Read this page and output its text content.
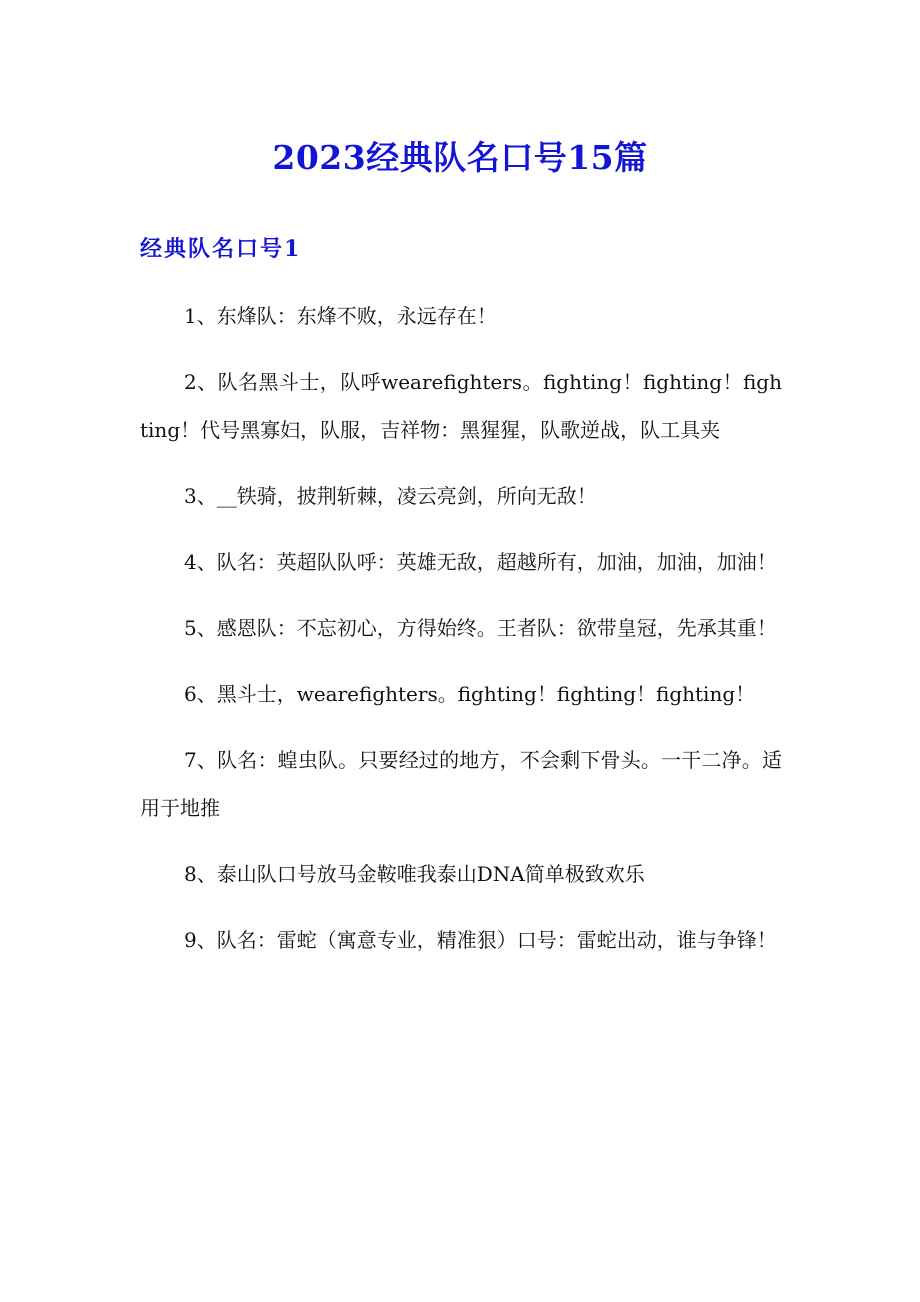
2023经典队名口号15篇
经典队名口号1

1、东烽队：东烽不败，永远存在！

2、队名黑斗士，队呼wearefighters。fighting！fighting！fighting！代号黑寡妇，队服，吉祥物：黑猩猩，队歌逆战，队工具夹

3、__铁骑，披荆斩棘，凌云亮剑，所向无敌！

4、队名：英超队队呼：英雄无敌，超越所有，加油，加油，加油！

5、感恩队：不忘初心，方得始终。王者队：欲带皇冠，先承其重！

6、黑斗士，wearefighters。fighting！fighting！fighting！

7、队名：蝗虫队。只要经过的地方，不会剩下骨头。一干二净。适用于地推

8、泰山队口号放马金鞍唯我泰山DNA简单极致欢乐

9、队名：雷蛇（寓意专业，精准狠）口号：雷蛇出动，谁与争锋！
